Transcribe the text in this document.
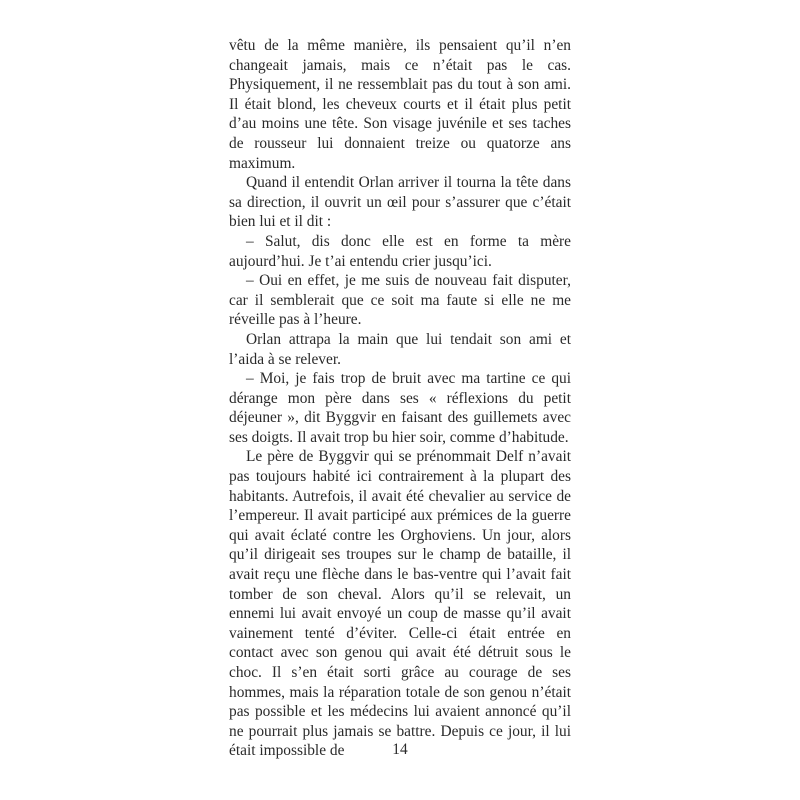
vêtu de la même manière, ils pensaient qu’il n’en changeait jamais, mais ce n’était pas le cas. Physiquement, il ne ressemblait pas du tout à son ami. Il était blond, les cheveux courts et il était plus petit d’au moins une tête. Son visage juvénile et ses taches de rousseur lui donnaient treize ou quatorze ans maximum.

Quand il entendit Orlan arriver il tourna la tête dans sa direction, il ouvrit un œil pour s’assurer que c’était bien lui et il dit :

– Salut, dis donc elle est en forme ta mère aujourd’hui. Je t’ai entendu crier jusqu’ici.

– Oui en effet, je me suis de nouveau fait disputer, car il semblerait que ce soit ma faute si elle ne me réveille pas à l’heure.

Orlan attrapa la main que lui tendait son ami et l’aida à se relever.

– Moi, je fais trop de bruit avec ma tartine ce qui dérange mon père dans ses « réflexions du petit déjeuner », dit Byggvir en faisant des guillemets avec ses doigts. Il avait trop bu hier soir, comme d’habitude.

Le père de Byggvir qui se prénommait Delf n’avait pas toujours habité ici contrairement à la plupart des habitants. Autrefois, il avait été chevalier au service de l’empereur. Il avait participé aux prémices de la guerre qui avait éclaté contre les Orghoviens. Un jour, alors qu’il dirigeait ses troupes sur le champ de bataille, il avait reçu une flèche dans le bas-ventre qui l’avait fait tomber de son cheval. Alors qu’il se relevait, un ennemi lui avait envoyé un coup de masse qu’il avait vainement tenté d’éviter. Celle-ci était entrée en contact avec son genou qui avait été détruit sous le choc. Il s’en était sorti grâce au courage de ses hommes, mais la réparation totale de son genou n’était pas possible et les médecins lui avaient annoncé qu’il ne pourrait plus jamais se battre. Depuis ce jour, il lui était impossible de	14
